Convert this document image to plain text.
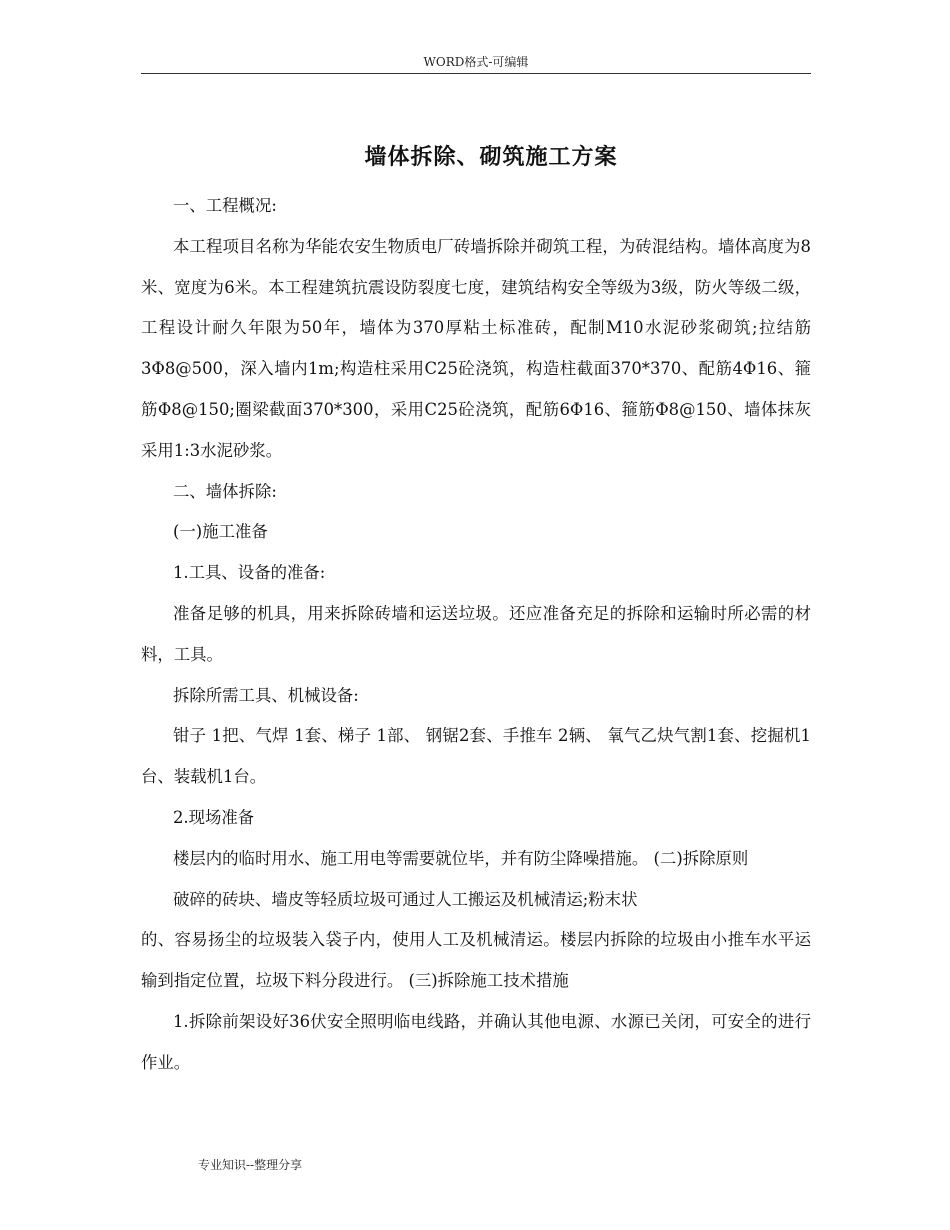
WORD格式-可编辑
墙体拆除、砌筑施工方案

一、工程概况:

本工程项目名称为华能农安生物质电厂砖墙拆除并砌筑工程，为砖混结构。墙体高度为8米、宽度为6米。本工程建筑抗震设防裂度七度，建筑结构安全等级为3级，防火等级二级，工程设计耐久年限为50年，墙体为370厚粘土标准砖，配制M10水泥砂浆砌筑;拉结筋3Φ8@500，深入墙内1m;构造柱采用C25砼浇筑，构造柱截面370*370、配筋4Φ16、箍筋Φ8@150;圈梁截面370*300，采用C25砼浇筑，配筋6Φ16、箍筋Φ8@150、墙体抹灰采用1:3水泥砂浆。

二、墙体拆除:

(一)施工准备

1.工具、设备的准备:

准备足够的机具，用来拆除砖墙和运送垃圾。还应准备充足的拆除和运输时所必需的材料，工具。

拆除所需工具、机械设备:

钳子 1把、气焊 1套、梯子 1部、 钢锯2套、手推车 2辆、 氧气乙炔气割1套、挖掘机1台、装载机1台。

2.现场准备

楼层内的临时用水、施工用电等需要就位毕，并有防尘降噪措施。 (二)拆除原则

破碎的砖块、墙皮等轻质垃圾可通过人工搬运及机械清运;粉末状

的、容易扬尘的垃圾装入袋子内，使用人工及机械清运。楼层内拆除的垃圾由小推车水平运输到指定位置，垃圾下料分段进行。 (三)拆除施工技术措施

1.拆除前架设好36伏安全照明临电线路，并确认其他电源、水源已关闭，可安全的进行作业。

专业知识--整理分享
